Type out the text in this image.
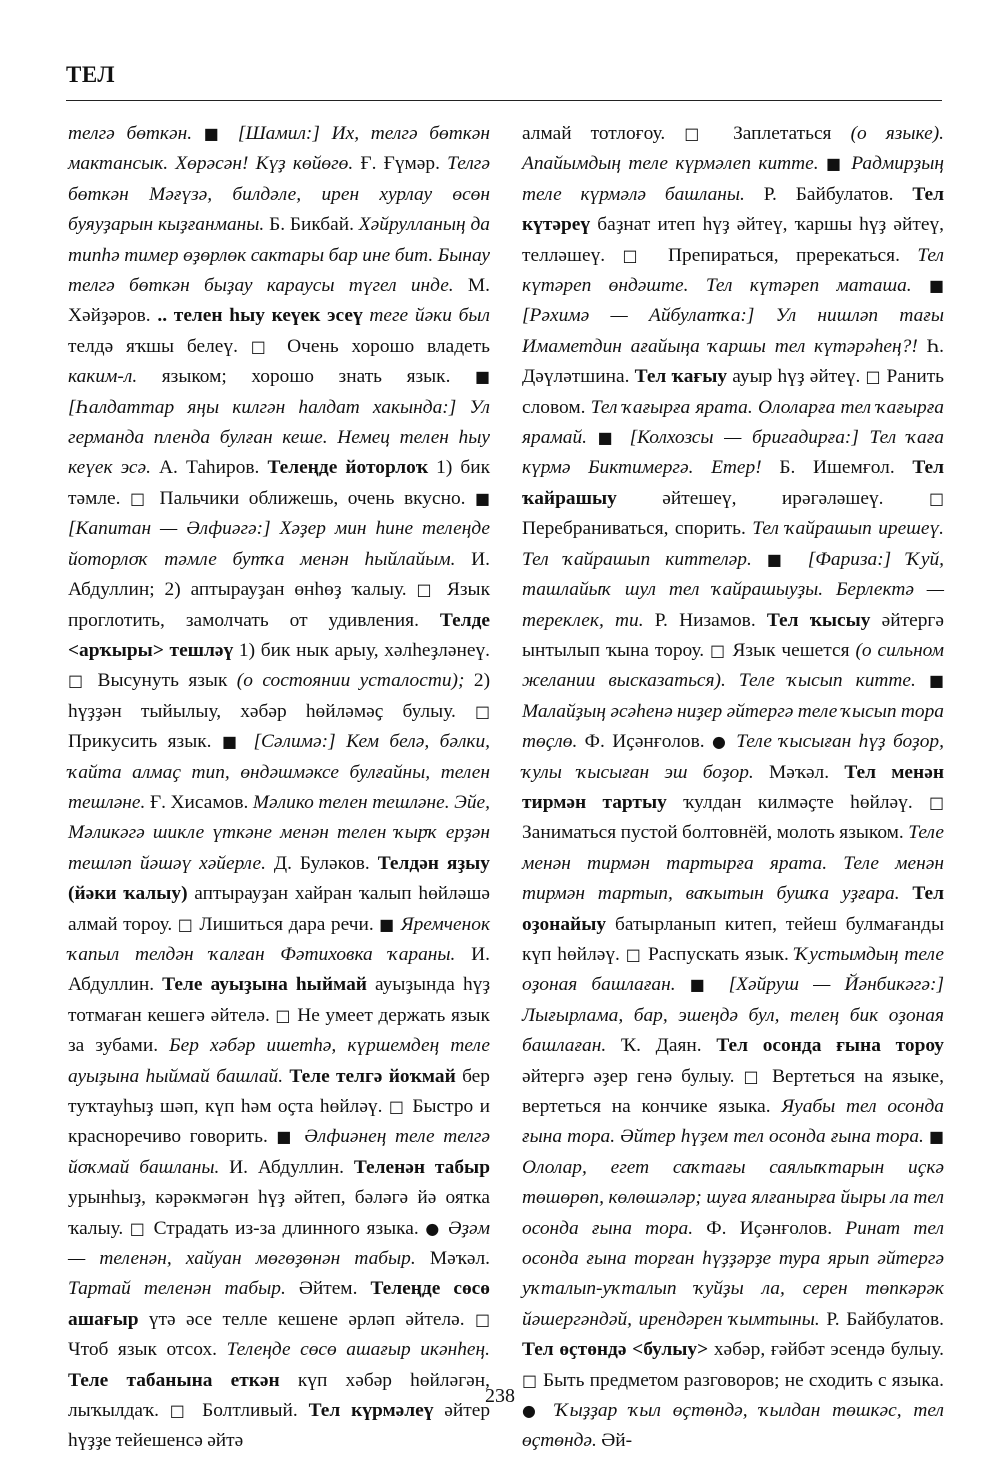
ТЕЛ
телгә бөткән. ■ [Шамил:] Их, телгә бөткән мактансык. Хөрәсән! Күҙ көйөгө. Ғ. Ғүмәр. Телгә бөткән Мәғүзә, билдәле, ирен хурлау өсөн буяуҙарын кыҙғанманы. Б. Бикбай. Хәйрулланың да типһә тимер өҙөрлөк сактары бар ине бит. Бынау телгә бөткән быҙау караусы түгел инде. М. Хәйҙәров. .. телен һыу кеүек эсеү теге йәки был телдә яҡшы белеү. □ Очень хорошо владеть каким-л. языком; хорошо знать язык. ■ [Һалдаттар яңы килгән һалдат хакында:] Ул германда пленда булған кеше. Немец телен һыу кеүек эсә. А. Таһиров. Телеңде йоторлоҡ 1) бик тәмле. □ Пальчики оближешь, очень вкусно. ■ [Капитан — Әлфиәгә:] Хәҙер мин һине телеңде йоторлоҡ тәмле бутҡа менән һыйлайым. И. Абдуллин; 2) аптырауҙан өнһөҙ ҡалыу. □ Язык проглотить, замолчать от удивления. Телде <арҡыры> тешләү 1) бик нык арыу, хәлһеҙләнеү. □ Высунуть язык (о состоянии усталости); 2) һүҙҙән тыйылыу, хәбәр һөйләмәҫ булыу. □ Прикусить язык. ■ [Сәлимә:] Кем белә, бәлки, ҡайта алмаҫ тип, өндәшмәксе булғайны, телен тешләне. Ғ. Хисамов. Мәлико телен тешләне. Эйе, Мәликәгә шикле үткәне менән телен ҡырҡ ерҙән тешләп йәшәү хәйерле. Д. Буләков. Телдән яҙыу (йәки ҡалыу) аптырауҙан хайран ҡалып һөйләшә алмай тороу. □ Лишиться дара речи. ■ Яремченок ҡапыл телдән ҡалған Фәтиховка ҡараны. И. Абдуллин. Теле ауыҙына һыймай ауыҙында һүҙ тотмаған кешегә әйтелә. □ Не умеет держать язык за зубами. Бер хәбәр ишетһә, күршемдең теле ауыҙына һыймай башлай. Теле телгә йоҡмай бер туҡтауһыҙ шәп, күп һәм оҫта һөйләү. □ Быстро и красноречиво говорить. ■ Әлфиәнең теле телгә йоҡмай башланы. И. Абдуллин. Теленән табыр урынһыҙ, кәрәкмәгән һүҙ әйтеп, бәләгә йә оятка ҡалыу. □ Страдать из-за длинного языка. ● Әҙәм — теленән, хайуан мөгөҙөнән табыр. Мәҡәл. Тартай теленән табыр. Әйтем. Телеңде сөсө ашағыр үтә әсе телле кешене әрләп әйтелә. □ Чтоб язык отсох. Телеңде сөсө ашағыр икәнһең. Теле табанына еткән күп хәбәр һөйләгән, лыҡылдаҡ. □ Болтливый. Тел күрмәлеү әйтер һүҙҙе тейешенсә әйтә
алмай тотлоғоу. □ Заплетаться (о языке). Апайымдың теле күрмәлеп китте. ■ Радмирҙың теле күрмәлә башланы. Р. Байбулатов. Тел күтәреү баҙнат итеп һүҙ әйтеү, ҡаршы һүҙ әйтеү, телләшеү. □ Препираться, пререкаться. Тел күтәреп өндәште. Тел күтәреп маташа. ■ [Рәхимә — Айбулатҡа:] Ул нишләп тағы Имаметдин ағайыңа ҡаршы тел күтәрәһең?! Һ. Дәүләтшина. Тел ҡағыу ауыр һүҙ әйтеү. □ Ранить словом. Тел ҡағырға ярата. Ололарға тел ҡағырға ярамай. ■ [Колхозсы — бригадирға:] Тел ҡаға күрмә Биктимергә. Етер! Б. Ишемғол. Тел ҡайрашыу әйтешеү, ирәгәләшеү. □ Перебраниваться, спорить. Тел ҡайрашып ирешеү. Тел ҡайрашып киттеләр. ■ [Фариза:] Ҡуй, ташлайыҡ шул тел ҡайрашыуҙы. Берлектә — тереклек, ти. Р. Низамов. Тел ҡысыу әйтергә ынтылып ҡына тороу. □ Язык чешется (о сильном желании высказаться). Теле ҡысып китте. ■ Малайҙың әсәһенә ниҙер әйтергә теле ҡысып тора төҫлө. Ф. Иҫәнғолов. ● Теле ҡысыған һүҙ боҙор, ҡулы ҡысыған эш боҙор. Мәҡәл. Тел менән тирмән тартыу ҡулдан килмәҫте һөйләү. □ Заниматься пустой болтовнёй, молоть языком. Теле менән тирмән тартырға ярата. Теле менән тирмән тартып, ваҡытын бушҡа уҙғара. Тел оҙонайыу батырланып китеп, тейеш булмағанды күп һөйләү. □ Распускать язык. Ҡустымдың теле оҙоная башлаған. ■ [Хәйруш — Йәнбикәгә:] Лығырлама, бар, эшеңдә бул, телең бик оҙоная башлаған. Ҡ. Даян. Тел осонда ғына тороу әйтергә әҙер генә булыу. □ Вертеться на языке, вертеться на кончике языка. Яуабы тел осонда ғына тора. Әйтер һүҙем тел осонда ғына тора. ■ Ололар, егет саҡтағы саялыҡтарын иҫкә төшөрөп, көлөшәләр; шуға ялғанырға йыры ла тел осонда ғына тора. Ф. Иҫәнғолов. Ринат тел осонда ғына торған һүҙҙәрҙе тура ярып әйтергә уҡталып-уҡталып ҡуйҙы ла, серен төпкәрәк йәшергәндәй, ирендәрен ҡымтыны. Р. Байбулатов. Тел өҫтөндә <булыу> хәбәр, ғәйбәт эсендә булыу. □ Быть предметом разговоров; не сходить с языка. ● Ҡыҙҙар ҡыл өҫтөндә, ҡылдан төшкәс, тел өҫтөндә. Әй-
238
